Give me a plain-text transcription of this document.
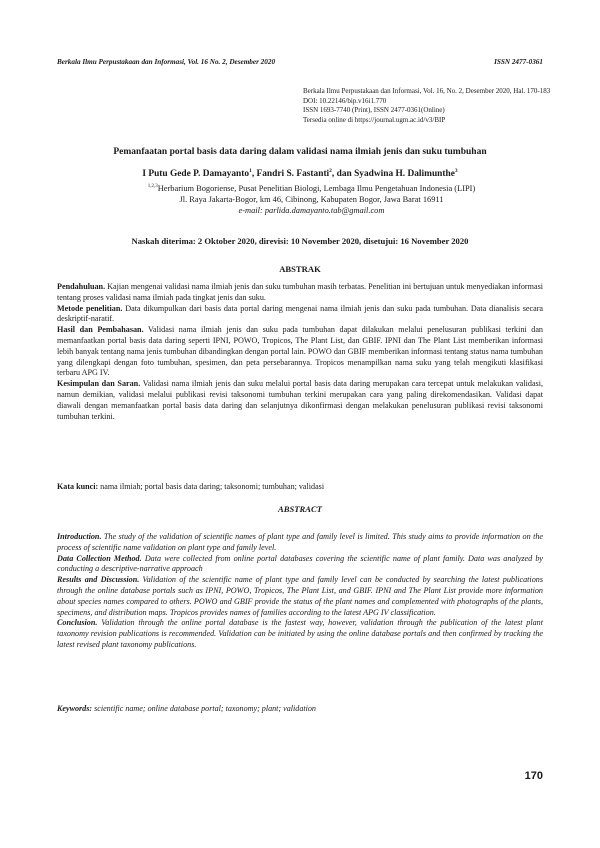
Berkala Ilmu Perpustakaan dan Informasi, Vol. 16 No. 2, Desember 2020	ISSN 2477-0361
Berkala Ilmu Perpustakaan dan Informasi, Vol. 16, No. 2, Desember 2020, Hal. 170-183
DOI: 10.22146/bip.v16i1.770
ISSN 1693-7740 (Print), ISSN 2477-0361(Online)
Tersedia online di https://journal.ugm.ac.id/v3/BIP
Pemanfaatan portal basis data daring dalam validasi nama ilmiah jenis dan suku tumbuhan
I Putu Gede P. Damayanto$^1$, Fandri S. Fastanti$^2$, dan Syadwina H. Dalimunthe$^3$
$^{1,2,3}$Herbarium Bogoriense, Pusat Penelitian Biologi, Lembaga Ilmu Pengetahuan Indonesia (LIPI)
Jl. Raya Jakarta-Bogor, km 46, Cibinong, Kabupaten Bogor, Jawa Barat 16911
e-mail: parlida.damayanto.tab@gmail.com
Naskah diterima: 2 Oktober 2020, direvisi: 10 November 2020, disetujui: 16 November 2020
ABSTRAK

Pendahuluan. Kajian mengenai validasi nama ilmiah jenis dan suku tumbuhan masih terbatas. Penelitian ini bertujuan untuk menyediakan informasi tentang proses validasi nama ilmiah pada tingkat jenis dan suku.

Metode penelitian. Data dikumpulkan dari basis data portal daring mengenai nama ilmiah jenis dan suku pada tumbuhan. Data dianalisis secara deskriptif-naratif.

Hasil dan Pembahasan. Validasi nama ilmiah jenis dan suku pada tumbuhan dapat dilakukan melalui penelusuran publikasi terkini dan memanfaatkan portal basis data daring seperti IPNI, POWO, Tropicos, The Plant List, dan GBIF. IPNI dan The Plant List memberikan informasi lebih banyak tentang nama jenis tumbuhan dibandingkan dengan portal lain. POWO dan GBIF memberikan informasi tentang status nama tumbuhan yang dilengkapi dengan foto tumbuhan, spesimen, dan peta persebarannya. Tropicos menampilkan nama suku yang telah mengikuti klasifikasi terbaru APG IV.

Kesimpulan dan Saran. Validasi nama ilmiah jenis dan suku melalui portal basis data daring merupakan cara tercepat untuk melakukan validasi, namun demikian, validasi melalui publikasi revisi taksonomi tumbuhan terkini merupakan cara yang paling direkomendasikan. Validasi dapat diawali dengan memanfaatkan portal basis data daring dan selanjutnya dikonfirmasi dengan melakukan penelusuran publikasi revisi taksonomi tumbuhan terkini.

Kata kunci: nama ilmiah; portal basis data daring; taksonomi; tumbuhan; validasi
ABSTRACT

Introduction. The study of the validation of scientific names of plant type and family level is limited. This study aims to provide information on the process of scientific name validation on plant type and family level.

Data Collection Method. Data were collected from online portal databases covering the scientific name of plant family. Data was analyzed by conducting a descriptive-narrative approach

Results and Discussion. Validation of the scientific name of plant type and family level can be conducted by searching the latest publications through the online database portals such as IPNI, POWO, Tropicos, The Plant List, and GBIF. IPNI and The Plant List provide more information about species names compared to others. POWO and GBIF provide the status of the plant names and complemented with photographs of the plants, specimens, and distribution maps. Tropicos provides names of families according to the latest APG IV classification.

Conclusion. Validation through the online portal database is the fastest way, however, validation through the publication of the latest plant taxonomy revision publications is recommended. Validation can be initiated by using the online database portals and then confirmed by tracking the latest revised plant taxonomy publications.

Keywords: scientific name; online database portal; taxonomy; plant; validation
170
